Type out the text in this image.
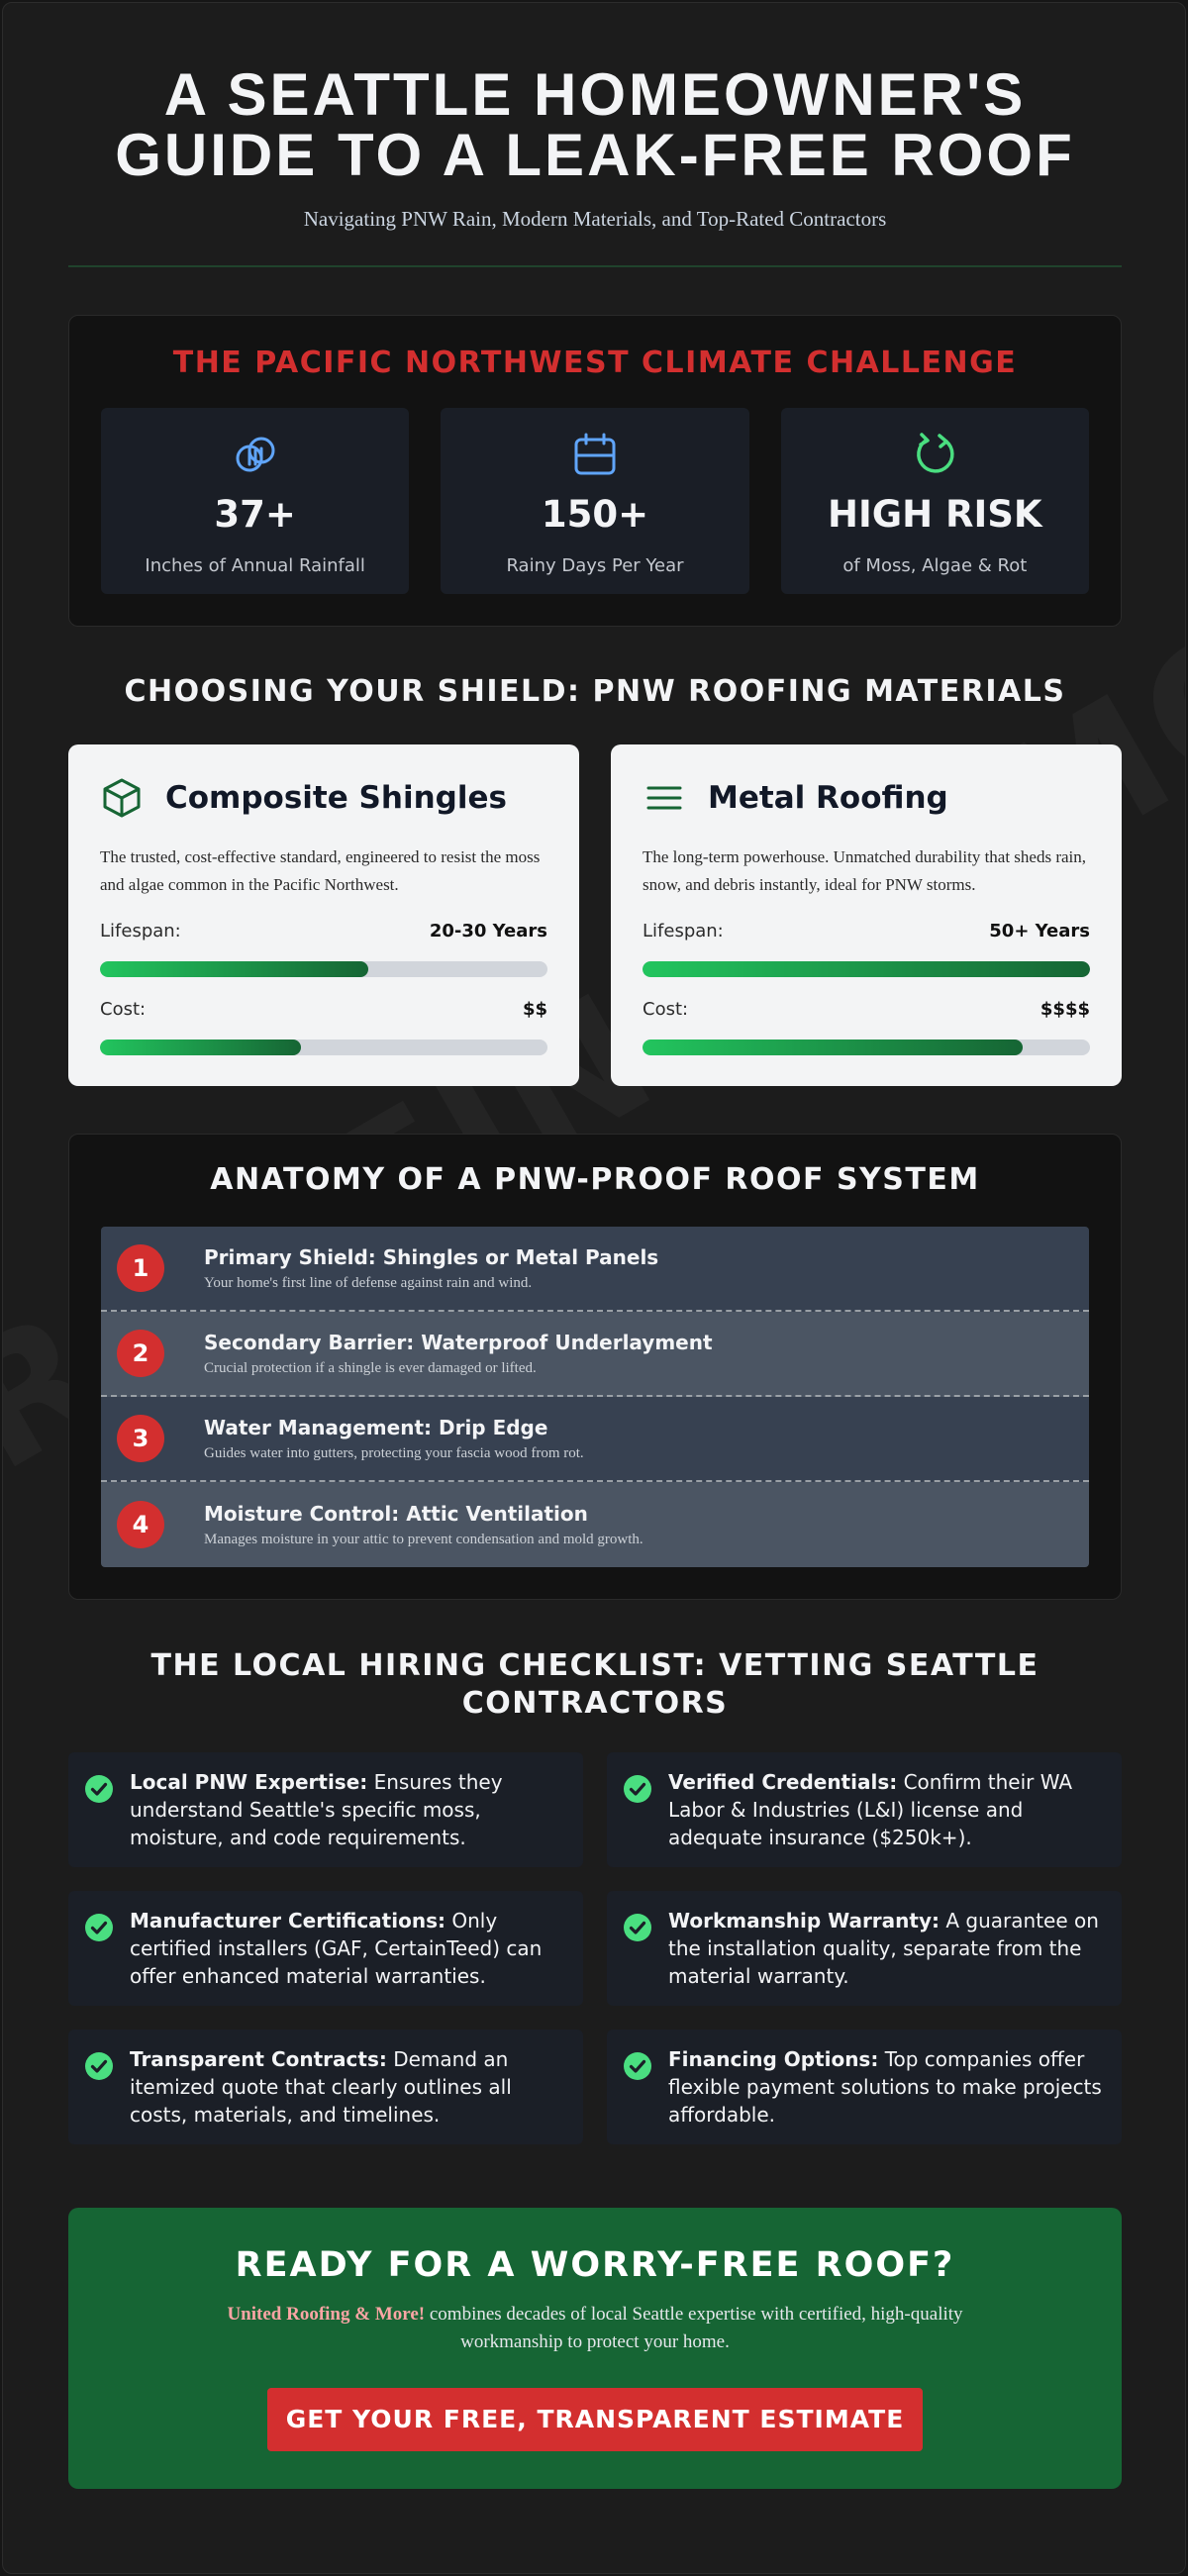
A SEATTLE HOMEOWNER'S GUIDE TO A LEAK-FREE ROOF

Navigating PNW Rain, Modern Materials, and Top-Rated Contractors

THE PACIFIC NORTHWEST CLIMATE CHALLENGE
37+
Inches of Annual Rainfall
150+
Rainy Days Per Year
HIGH RISK
of Moss, Algae & Rot
CHOOSING YOUR SHIELD: PNW ROOFING MATERIALS
Composite Shingles

The trusted, cost-effective standard, engineered to resist the moss and algae common in the Pacific Northwest.

Lifespan:	20-30 Years
Cost:	$$
Metal Roofing

The long-term powerhouse. Unmatched durability that sheds rain, snow, and debris instantly, ideal for PNW storms.

Lifespan:	50+ Years
Cost:	$$$$
ANATOMY OF A PNW-PROOF ROOF SYSTEM
1	Primary Shield: Shingles or Metal Panels
Your home's first line of defense against rain and wind.
2	Secondary Barrier: Waterproof Underlayment
Crucial protection if a shingle is ever damaged or lifted.
3	Water Management: Drip Edge
Guides water into gutters, protecting your fascia wood from rot.
4	Moisture Control: Attic Ventilation
Manages moisture in your attic to prevent condensation and mold growth.
THE LOCAL HIRING CHECKLIST: VETTING SEATTLE CONTRACTORS

Local PNW Expertise: Ensures they understand Seattle's specific moss, moisture, and code requirements.

Verified Credentials: Confirm their WA Labor & Industries (L&I) license and adequate insurance ($250k+).

Manufacturer Certifications: Only certified installers (GAF, CertainTeed) can offer enhanced material warranties.

Workmanship Warranty: A guarantee on the installation quality, separate from the material warranty.

Transparent Contracts: Demand an itemized quote that clearly outlines all costs, materials, and timelines.

Financing Options: Top companies offer flexible payment solutions to make projects affordable.

READY FOR A WORRY-FREE ROOF?

United Roofing & More! combines decades of local Seattle expertise with certified, high-quality workmanship to protect your home.

GET YOUR FREE, TRANSPARENT ESTIMATE
